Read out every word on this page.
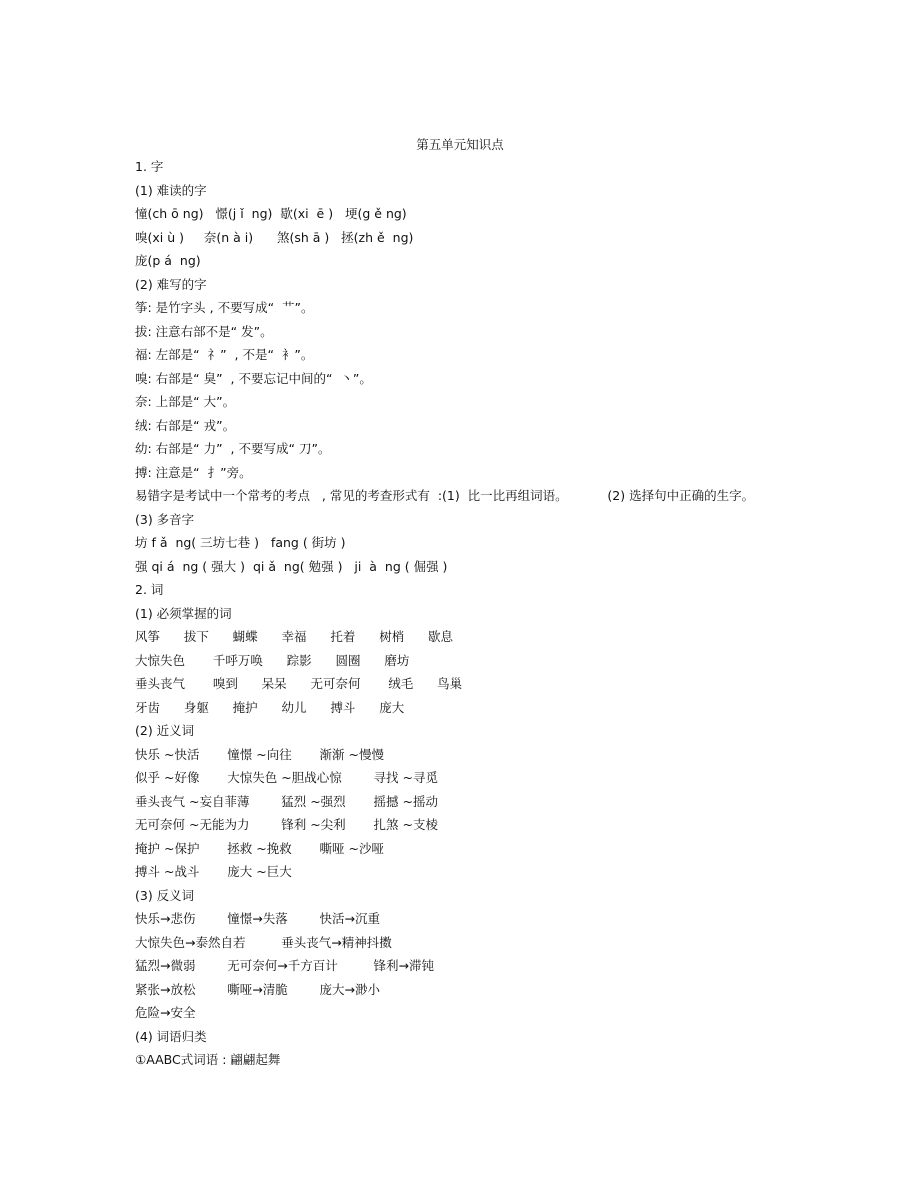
第五单元知识点
1. 字
(1) 难读的字
憧(ch ō ng)   憬(j ǐ  ng)  歇(xi  ē )   埂(g ě ng)
嗅(xi ù )     奈(n à i)      煞(sh ā )   拯(zh ě  ng)
庞(p á  ng)
(2) 难写的字
筝: 是竹字头 , 不要写成“  艹”。
拔: 注意右部不是“ 发”。
福: 左部是“  礻”  , 不是“  衤”。
嗅: 右部是“ 臭”  , 不要忘记中间的“  丶”。
奈: 上部是“ 大”。
绒: 右部是“ 戎”。
幼: 右部是“ 力”  , 不要写成“ 刀”。
搏: 注意是“  扌”旁。
易错字是考试中一个常考的考点   , 常见的考查形式有  :(1)  比一比再组词语。          (2) 选择句中正确的生字。
(3) 多音字
坊 f ǎ  ng( 三坊七巷 )   fang ( 街坊 )
强 qi á  ng ( 强大 )  qi ǎ  ng( 勉强 )   ji  à  ng ( 倔强 )
2. 词
(1) 必须掌握的词
风筝      拔下      蝴蝶      幸福      托着      树梢      歇息
大惊失色       千呼万唤      踪影      圆圈      磨坊
垂头丧气       嗅到      呆呆      无可奈何       绒毛      鸟巢
牙齿      身躯      掩护      幼儿      搏斗      庞大
(2) 近义词
快乐 ~快活       憧憬 ~向往       渐渐 ~慢慢
似乎 ~好像       大惊失色 ~胆战心惊        寻找 ~寻觅
垂头丧气 ~妄自菲薄        猛烈 ~强烈       摇撼 ~摇动
无可奈何 ~无能为力        锋利 ~尖利       扎煞 ~支棱
掩护 ~保护       拯救 ~挽救       嘶哑 ~沙哑
搏斗 ~战斗       庞大 ~巨大
(3) 反义词
快乐→悲伤        憧憬→失落        快活→沉重
大惊失色→泰然自若         垂头丧气→精神抖擞
猛烈→微弱        无可奈何→千方百计         锋利→滞钝
紧张→放松        嘶哑→清脆        庞大→渺小
危险→安全
(4) 词语归类
①AABC式词语 : 翩翩起舞
